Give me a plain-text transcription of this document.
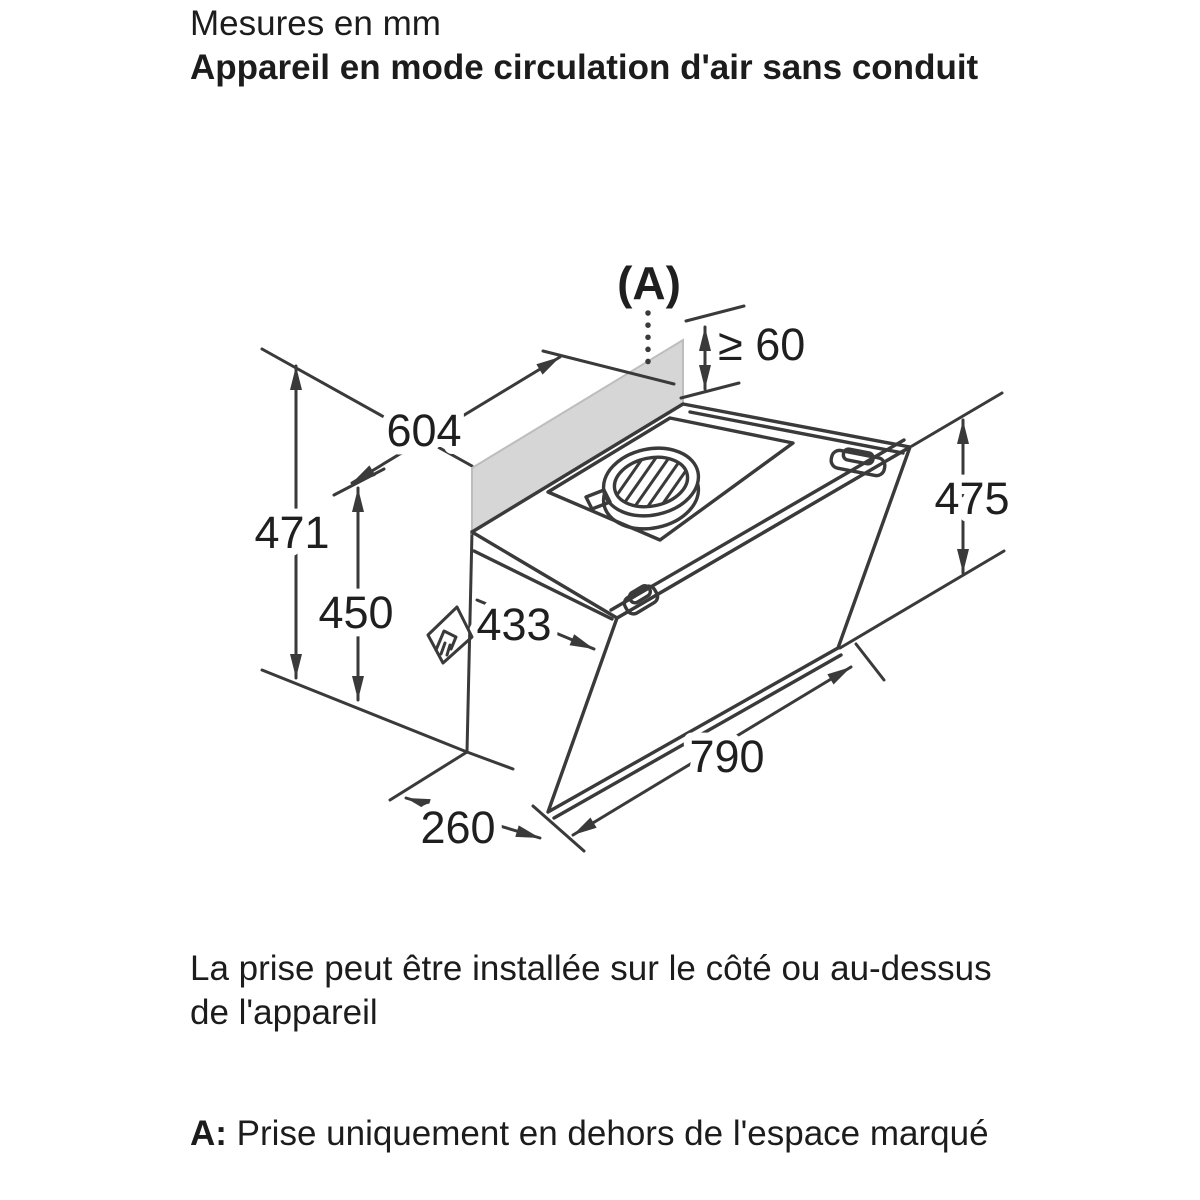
Mesures en mm

Appareil en mode circulation d'air sans conduit

(A)
≥ 60
604
471
450 433
475
790
260
La prise peut être installée sur le côté ou au-dessus de l'appareil
A: Prise uniquement en dehors de l'espace marqué
